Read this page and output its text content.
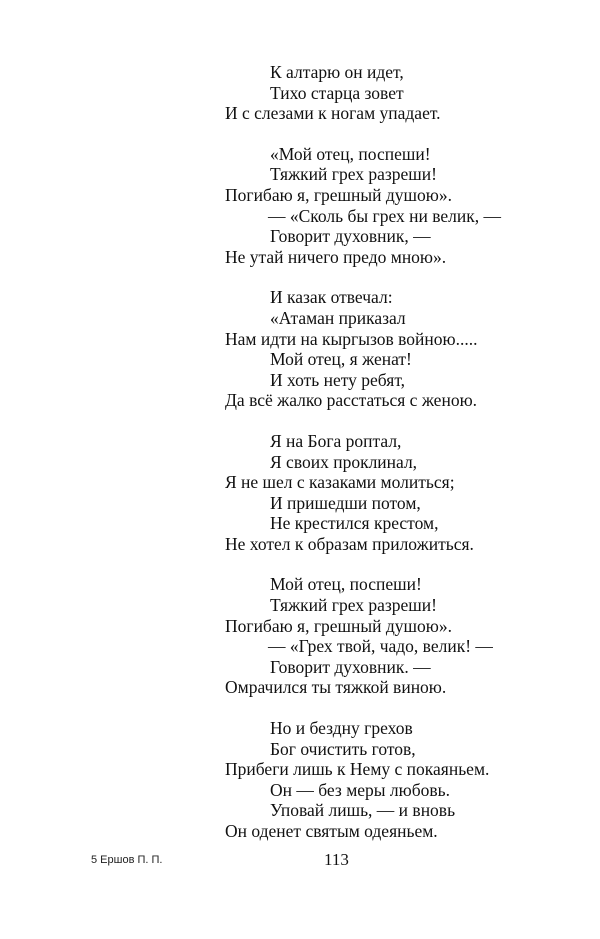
К алтарю он идет,
Тихо старца зовет
И с слезами к ногам упадает.
«Мой отец, поспеши!
Тяжкий грех разреши!
Погибаю я, грешный душою».
— «Сколь бы грех ни велик, —
Говорит духовник, —
Не утай ничего предо мною».
И казак отвечал:
«Атаман приказал
Нам идти на кыргызов войною.....
Мой отец, я женат!
И хоть нету ребят,
Да всё жалко расстаться с женою.
Я на Бога роптал,
Я своих проклинал,
Я не шел с казаками молиться;
И пришедши потом,
Не крестился крестом,
Не хотел к образам приложиться.
Мой отец, поспеши!
Тяжкий грех разреши!
Погибаю я, грешный душою».
— «Грех твой, чадо, велик! —
Говорит духовник. —
Омрачился ты тяжкой виною.
Но и бездну грехов
Бог очистить готов,
Прибеги лишь к Нему с покаяньем.
Он — без меры любовь.
Уповай лишь, — и вновь
Он оденет святым одеяньем.
5 Ершов П. П.	113
